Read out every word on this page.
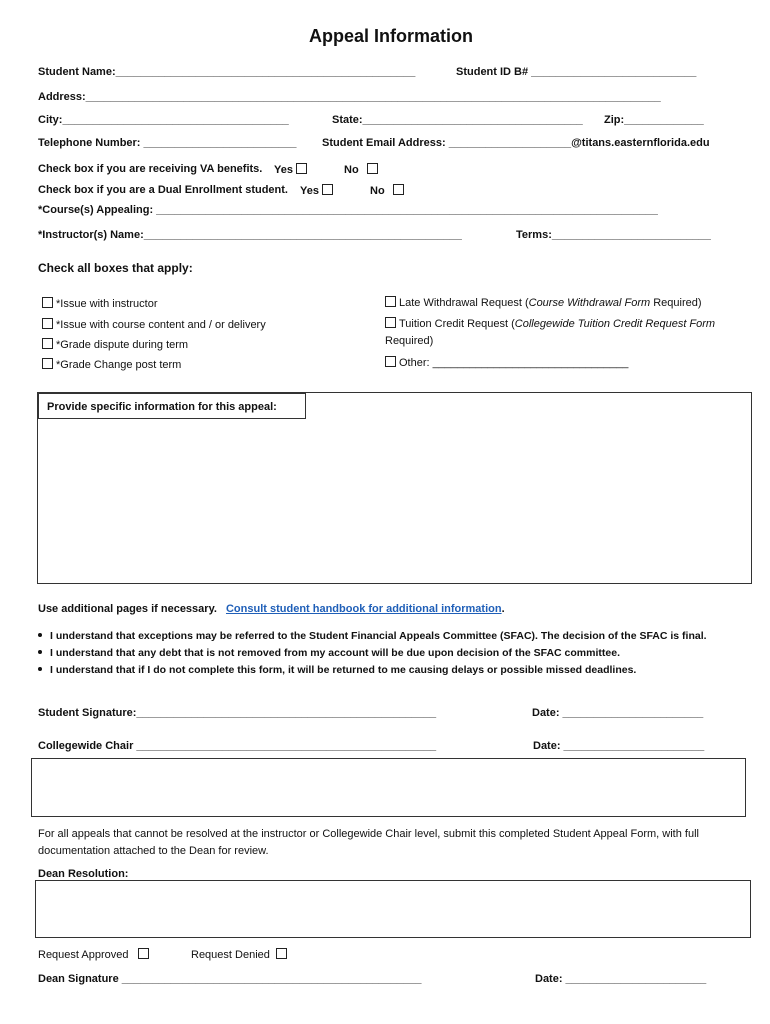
Appeal Information
Student Name:_________________________________________________	Student ID B# ___________________________
Address:______________________________________________________________________________________________
City:_____________________________________	State:____________________________________ Zip:_____________
Telephone Number: _________________________ Student Email Address: ____________________@titans.easternflorida.edu
Check box if you are receiving VA benefits. Yes	No
Check box if you are a Dual Enrollment student. Yes	No
*Course(s) Appealing: __________________________________________________________________________________
*Instructor(s) Name:____________________________________________________	Terms:__________________________
Check all boxes that apply:
*Issue with instructor
*Issue with course content and / or delivery
*Grade dispute during term
*Grade Change post term
Late Withdrawal Request (Course Withdrawal Form Required)
Tuition Credit Request (Collegewide Tuition Credit Request Form
Required)
Other: ________________________________
Provide specific information for this appeal:
Use additional pages if necessary. Consult student handbook for additional information.
I understand that exceptions may be referred to the Student Financial Appeals Committee (SFAC). The decision of the SFAC is final.
I understand that any debt that is not removed from my account will be due upon decision of the SFAC committee.
I understand that if I do not complete this form, it will be returned to me causing delays or possible missed deadlines.
Student Signature:_________________________________________________	Date: _______________________
Collegewide Chair _________________________________________________	Date: _______________________
For all appeals that cannot be resolved at the instructor or Collegewide Chair level, submit this completed Student Appeal Form, with full
documentation attached to the Dean for review.
Dean Resolution:
Request Approved	Request Denied
Dean Signature _________________________________________________	Date: _______________________
